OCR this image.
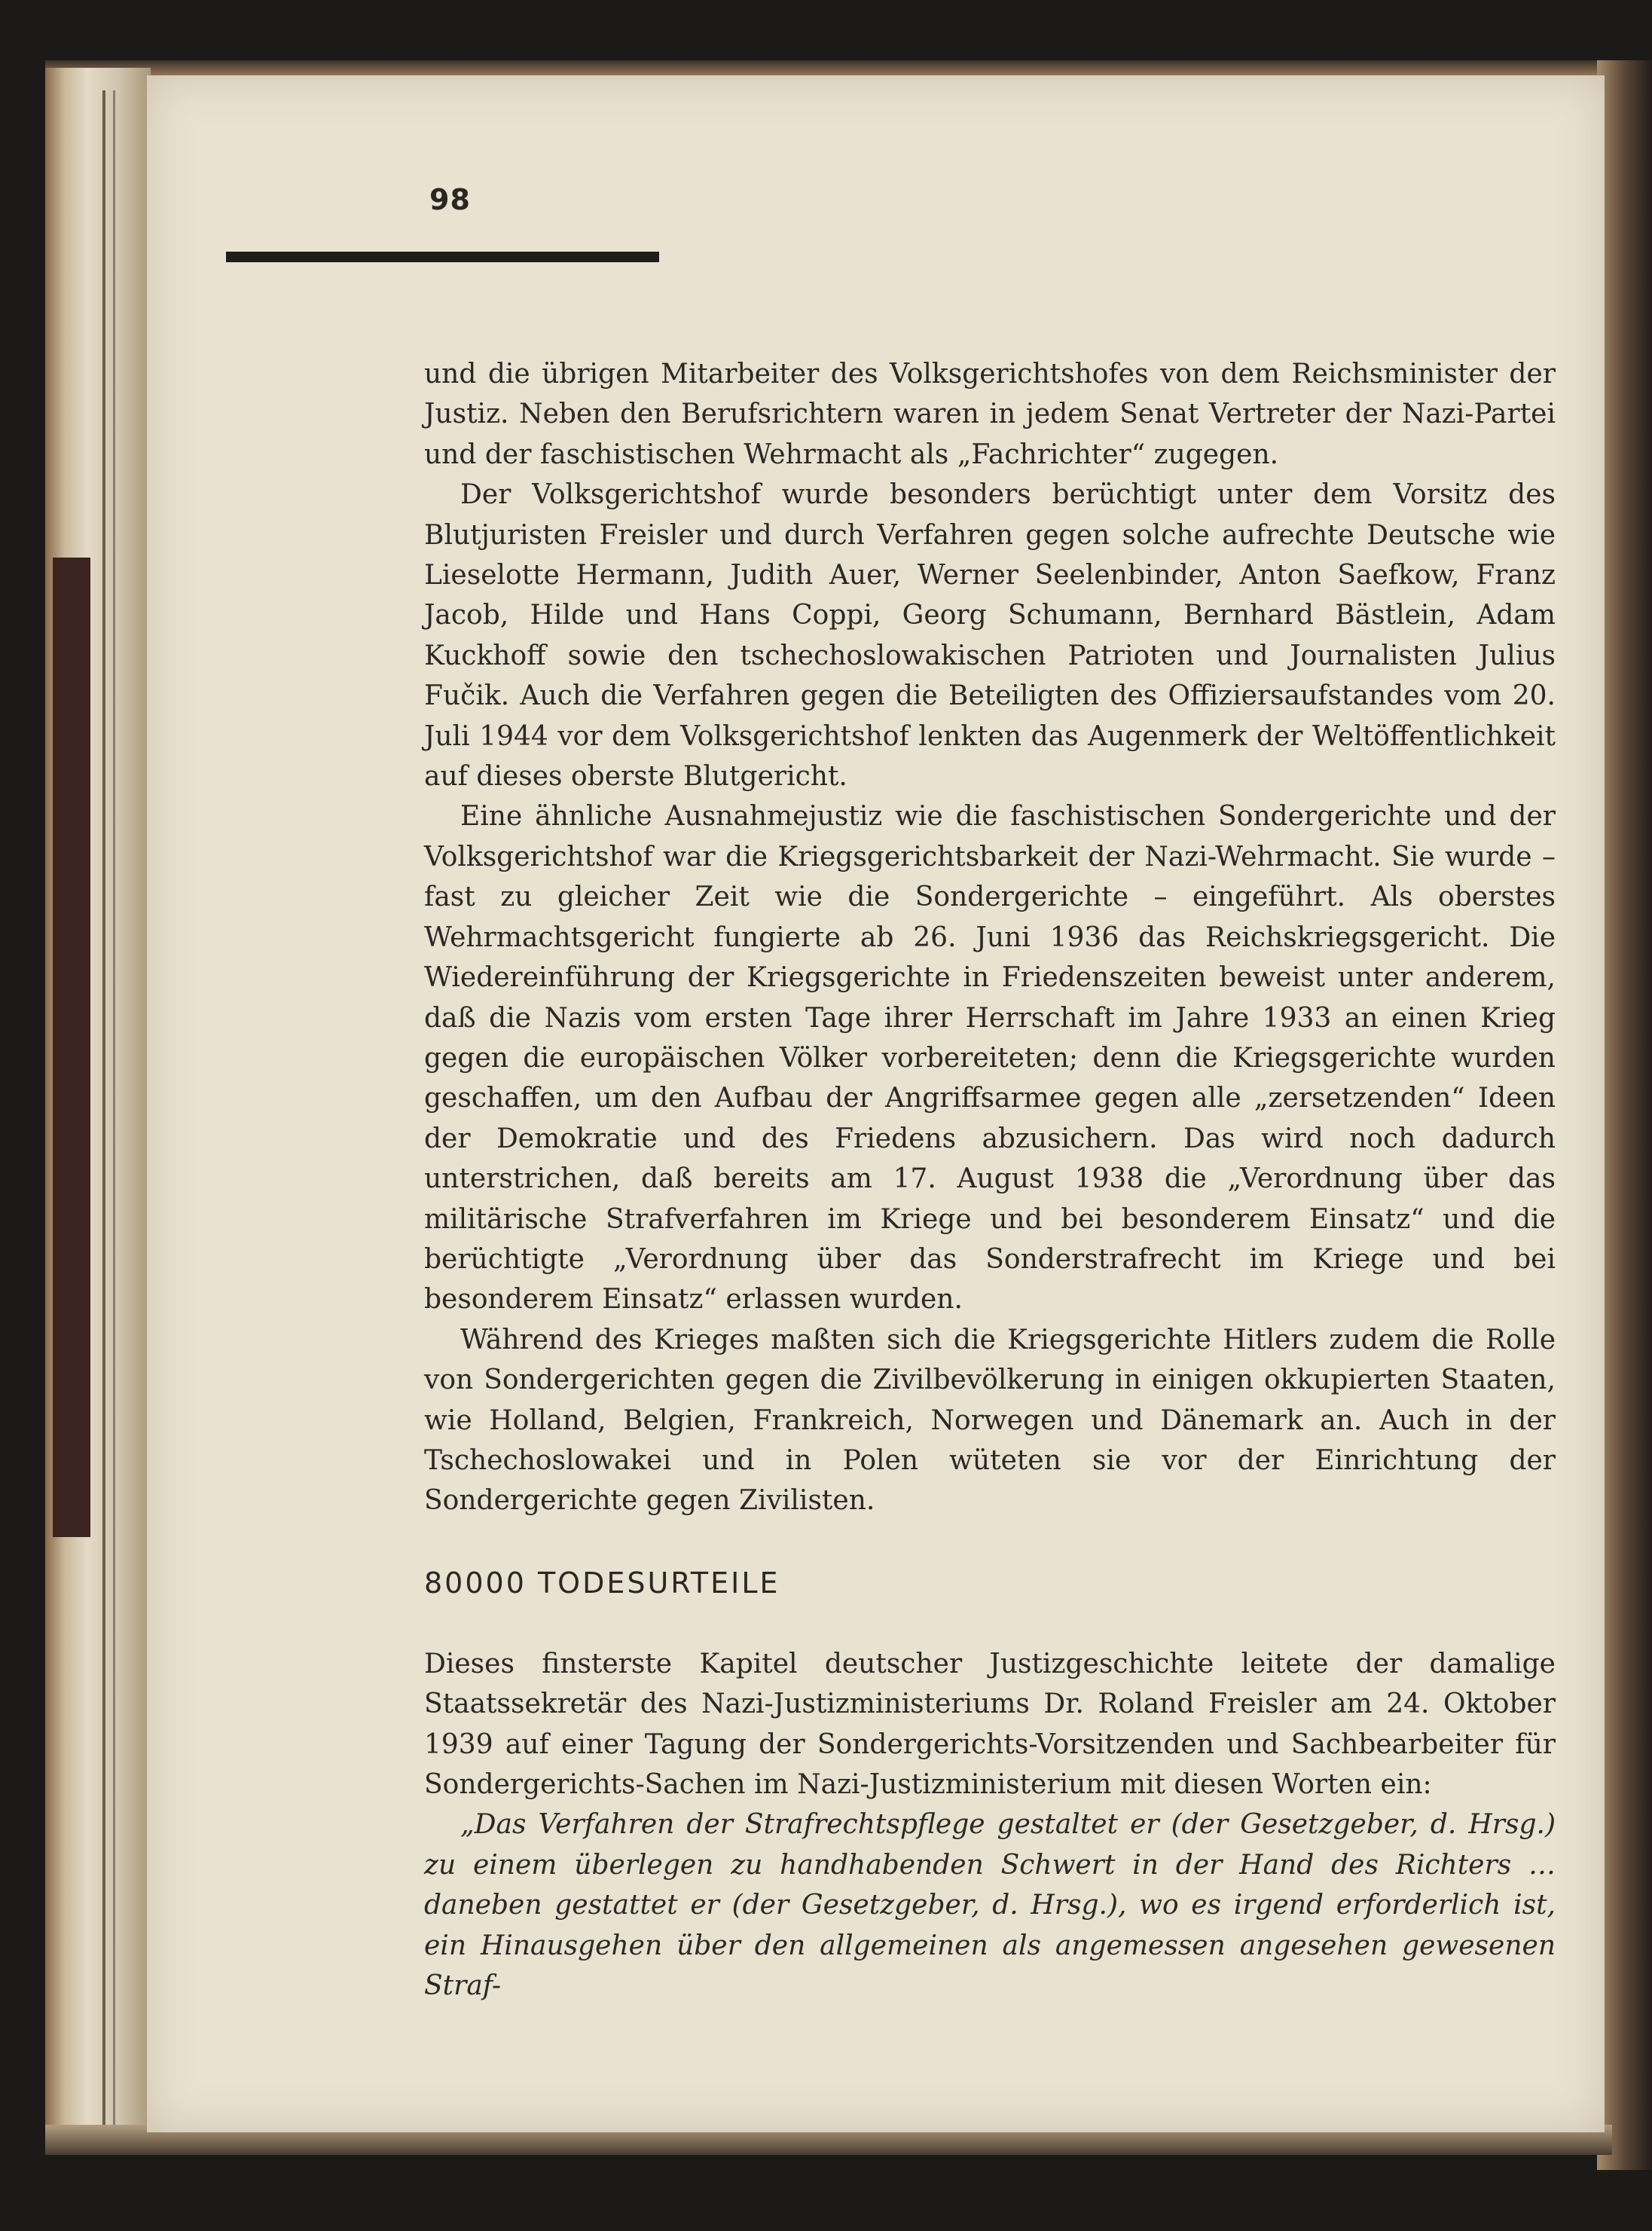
98

und die übrigen Mitarbeiter des Volksgerichtshofes von dem Reichsminister der Justiz. Neben den Berufsrichtern waren in jedem Senat Vertreter der Nazi-Partei und der faschistischen Wehrmacht als „Fachrichter“ zugegen.

Der Volksgerichtshof wurde besonders berüchtigt unter dem Vorsitz des Blutjuristen Freisler und durch Verfahren gegen solche aufrechte Deutsche wie Lieselotte Hermann, Judith Auer, Werner Seelenbinder, Anton Saefkow, Franz Jacob, Hilde und Hans Coppi, Georg Schumann, Bernhard Bästlein, Adam Kuckhoff sowie den tschechoslowakischen Patrioten und Journalisten Julius Fučik. Auch die Verfahren gegen die Beteiligten des Offiziersaufstandes vom 20. Juli 1944 vor dem Volksgerichtshof lenkten das Augenmerk der Weltöffentlichkeit auf dieses oberste Blutgericht.

Eine ähnliche Ausnahmejustiz wie die faschistischen Sondergerichte und der Volksgerichtshof war die Kriegsgerichtsbarkeit der Nazi-Wehrmacht. Sie wurde – fast zu gleicher Zeit wie die Sondergerichte – eingeführt. Als oberstes Wehrmachtsgericht fungierte ab 26. Juni 1936 das Reichskriegsgericht. Die Wiedereinführung der Kriegsgerichte in Friedenszeiten beweist unter anderem, daß die Nazis vom ersten Tage ihrer Herrschaft im Jahre 1933 an einen Krieg gegen die europäischen Völker vorbereiteten; denn die Kriegsgerichte wurden geschaffen, um den Aufbau der Angriffsarmee gegen alle „zersetzenden“ Ideen der Demokratie und des Friedens abzusichern. Das wird noch dadurch unterstrichen, daß bereits am 17. August 1938 die „Verordnung über das militärische Strafverfahren im Kriege und bei besonderem Einsatz“ und die berüchtigte „Verordnung über das Sonderstrafrecht im Kriege und bei besonderem Einsatz“ erlassen wurden.

Während des Krieges maßten sich die Kriegsgerichte Hitlers zudem die Rolle von Sondergerichten gegen die Zivilbevölkerung in einigen okkupierten Staaten, wie Holland, Belgien, Frankreich, Norwegen und Dänemark an. Auch in der Tschechoslowakei und in Polen wüteten sie vor der Einrichtung der Sondergerichte gegen Zivilisten.

80000 TODESURTEILE

Dieses finsterste Kapitel deutscher Justizgeschichte leitete der damalige Staatssekretär des Nazi-Justizministeriums Dr. Roland Freisler am 24. Oktober 1939 auf einer Tagung der Sondergerichts-Vorsitzenden und Sachbearbeiter für Sondergerichts-Sachen im Nazi-Justizministerium mit diesen Worten ein:

„Das Verfahren der Strafrechtspflege gestaltet er (der Gesetzgeber, d. Hrsg.) zu einem überlegen zu handhabenden Schwert in der Hand des Richters … daneben gestattet er (der Gesetzgeber, d. Hrsg.), wo es irgend erforderlich ist, ein Hinausgehen über den allgemeinen als angemessen angesehen gewesenen Straf-
